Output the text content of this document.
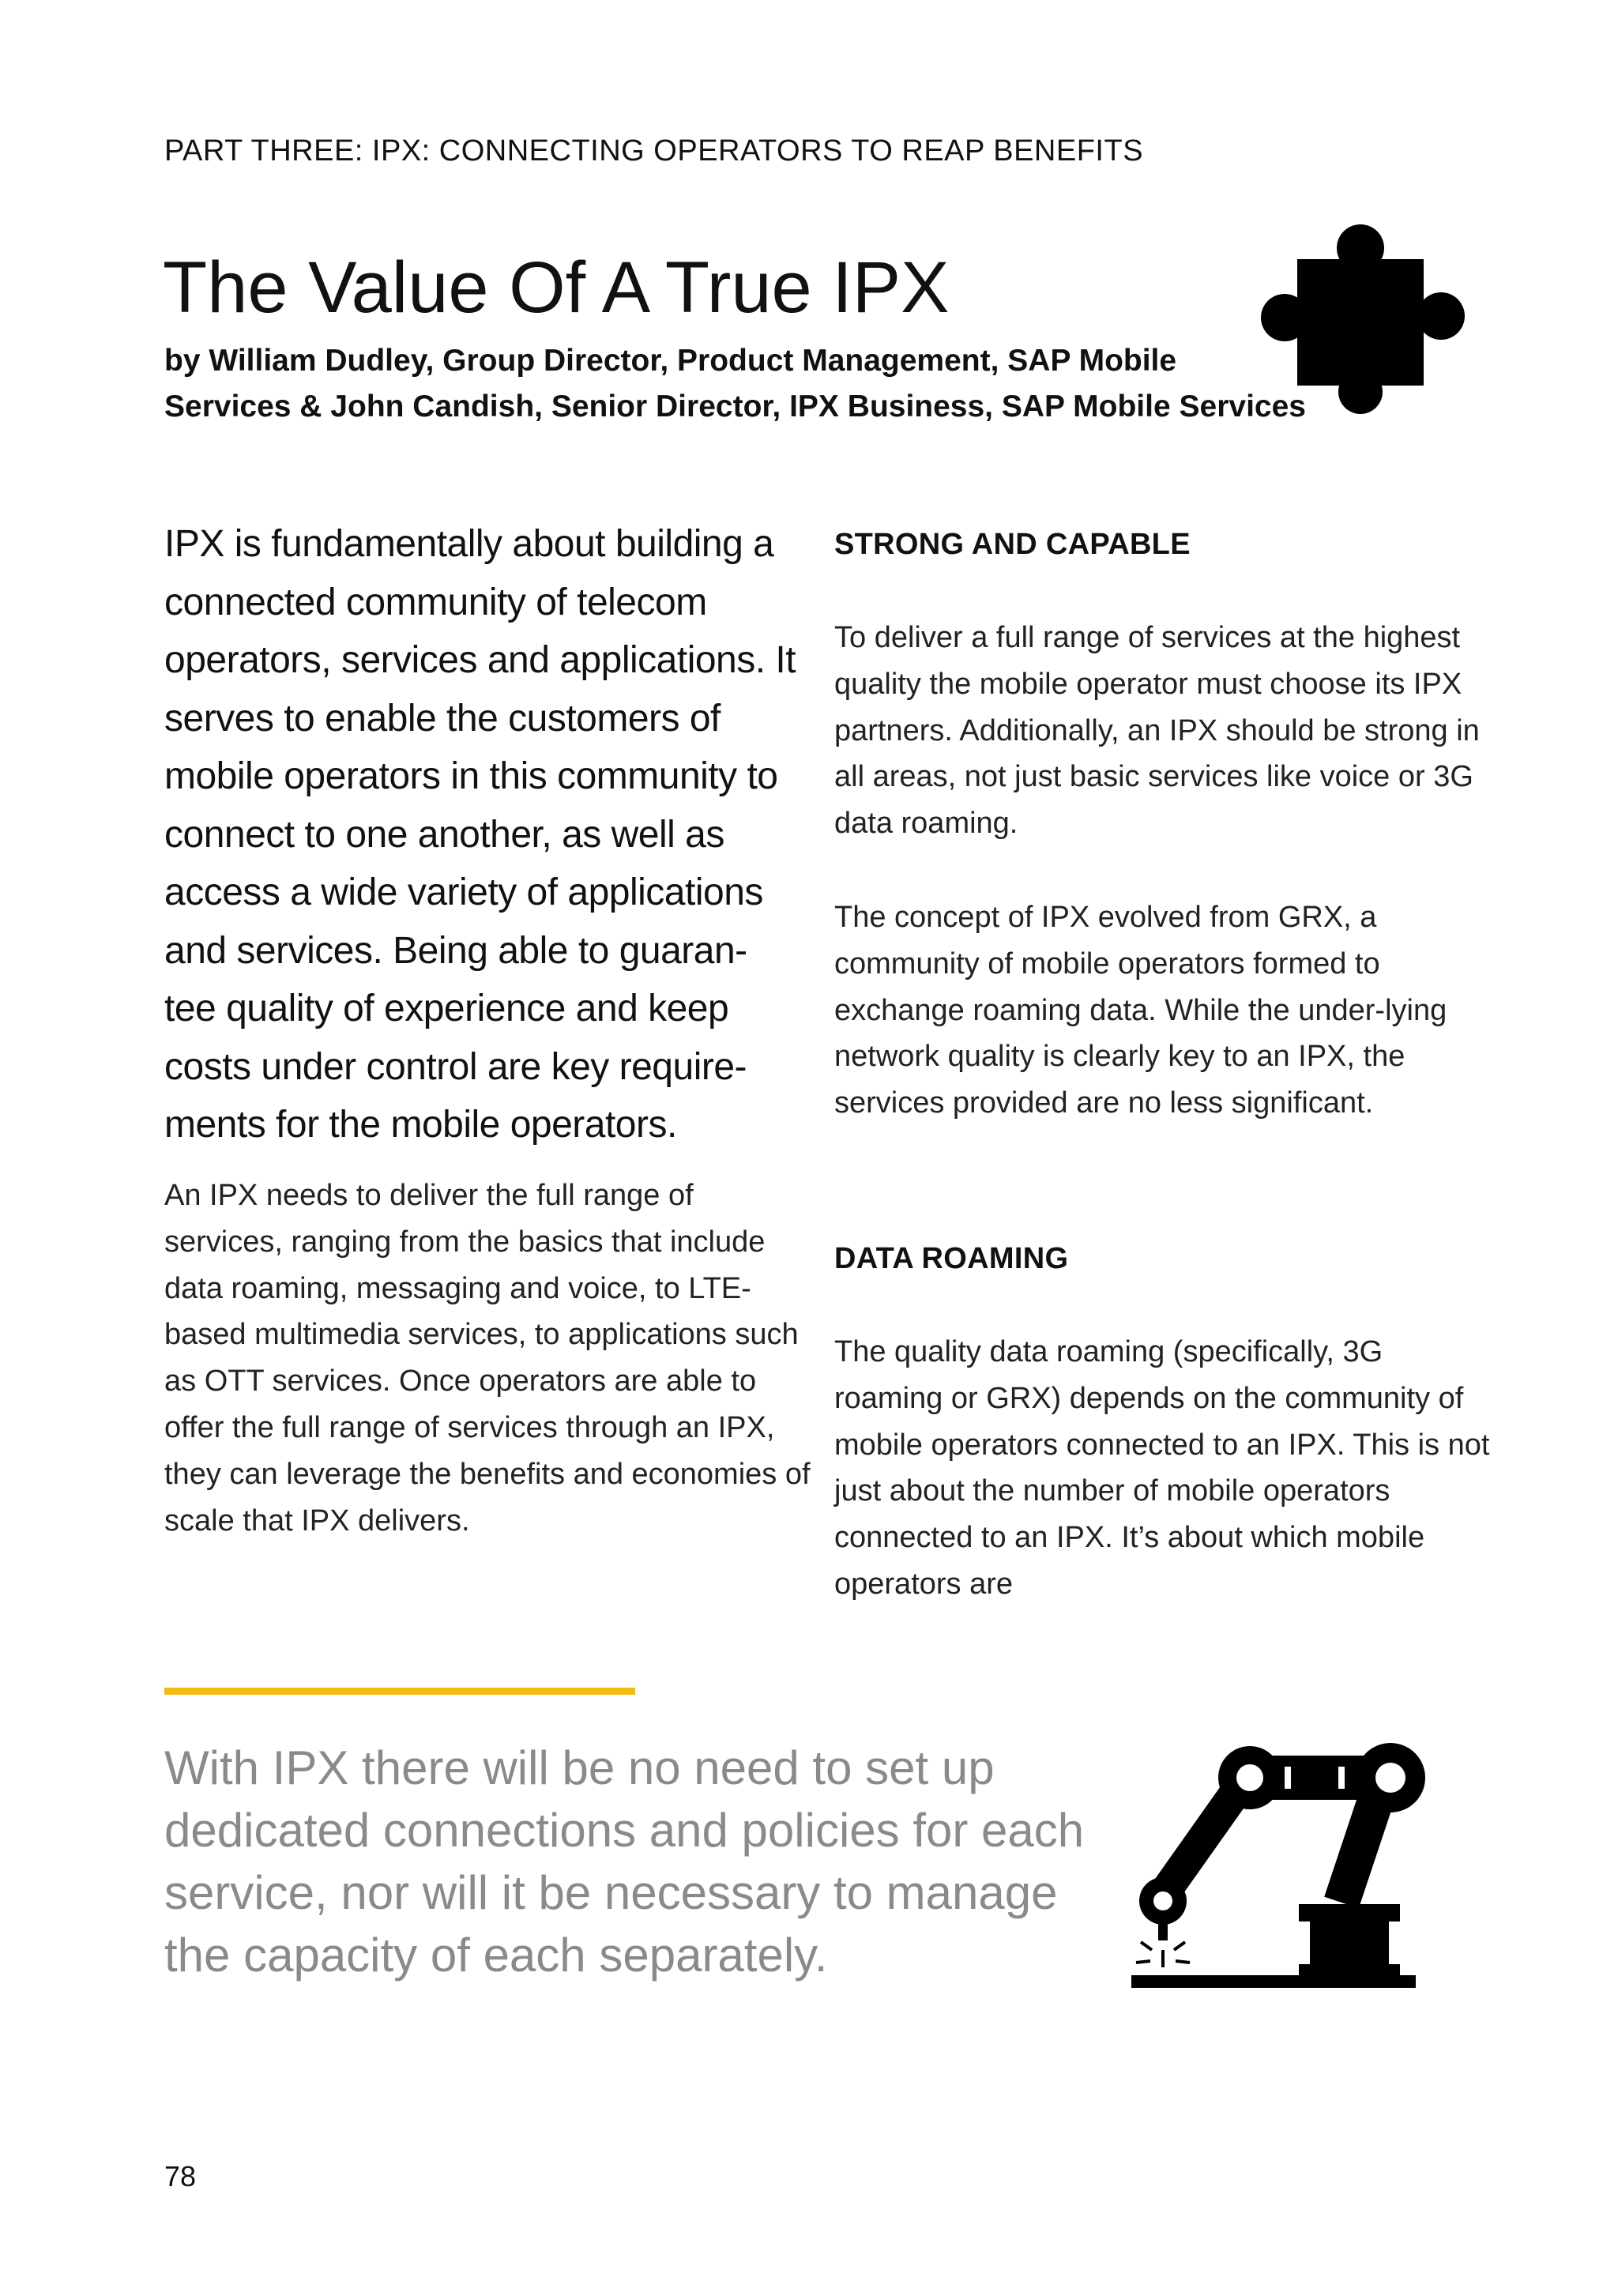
PART THREE: IPX: CONNECTING OPERATORS TO REAP BENEFITS
The Value Of A True IPX
by William Dudley, Group Director, Product Management, SAP Mobile
Services & John Candish, Senior Director, IPX Business, SAP Mobile Services
IPX is fundamentally about building a connected community of telecom operators, services and applications. It serves to enable the customers of mobile operators in this community to connect to one another, as well as access a wide variety of applications and services. Being able to guaran-tee quality of experience and keep costs under control are key require-ments for the mobile operators.
An IPX needs to deliver the full range of services, ranging from the basics that include data roaming, messaging and voice, to LTE-based multimedia services, to applications such as OTT services. Once operators are able to offer the full range of services through an IPX, they can leverage the benefits and economies of scale that IPX delivers.
STRONG AND CAPABLE

To deliver a full range of services at the highest quality the mobile operator must choose its IPX partners. Additionally, an IPX should be strong in all areas, not just basic services like voice or 3G data roaming.

The concept of IPX evolved from GRX, a community of mobile operators formed to exchange roaming data. While the under-lying network quality is clearly key to an IPX, the services provided are no less significant.

DATA ROAMING

The quality data roaming (specifically, 3G roaming or GRX) depends on the community of mobile operators connected to an IPX. This is not just about the number of mobile operators connected to an IPX. It’s about which mobile operators are

With IPX there will be no need to set up dedicated connections and policies for each service, nor will it be necessary to manage the capacity of each separately.
78
